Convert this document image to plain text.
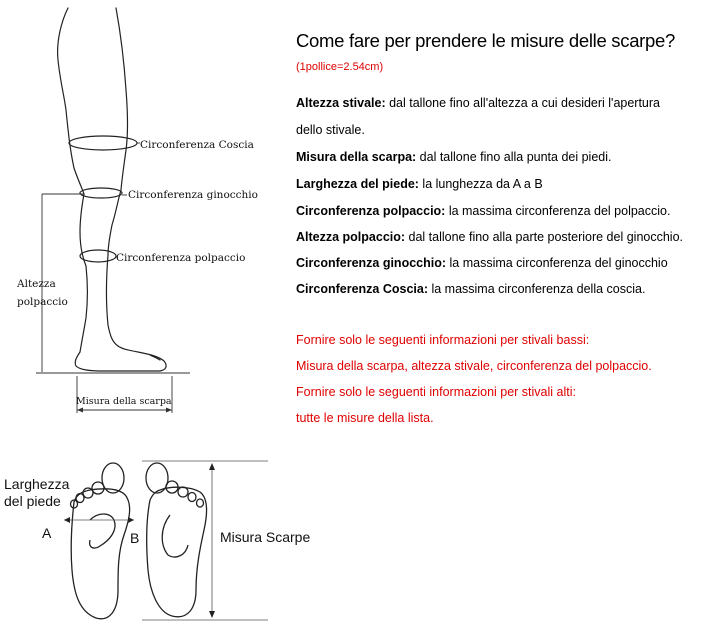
Circonferenza Coscia
Circonferenza ginocchio
Circonferenza polpaccio
Altezza
polpaccio
Misura della scarpa
Larghezza
del piede
A	B	Misura Scarpe
Come fare per prendere le misure delle scarpe?
(1pollice=2.54cm)
Altezza stivale: dal tallone fino all'altezza a cui desideri l'apertura
dello stivale.
Misura della scarpa: dal tallone fino alla punta dei piedi.
Larghezza del piede: la lunghezza da A a B
Circonferenza polpaccio: la massima circonferenza del polpaccio.
Altezza polpaccio: dal tallone fino alla parte posteriore del ginocchio.
Circonferenza ginocchio: la massima circonferenza del ginocchio
Circonferenza Coscia: la massima circonferenza della coscia.
Fornire solo le seguenti informazioni per stivali bassi:
Misura della scarpa, altezza stivale, circonferenza del polpaccio.
Fornire solo le seguenti informazioni per stivali alti:
tutte le misure della lista.
